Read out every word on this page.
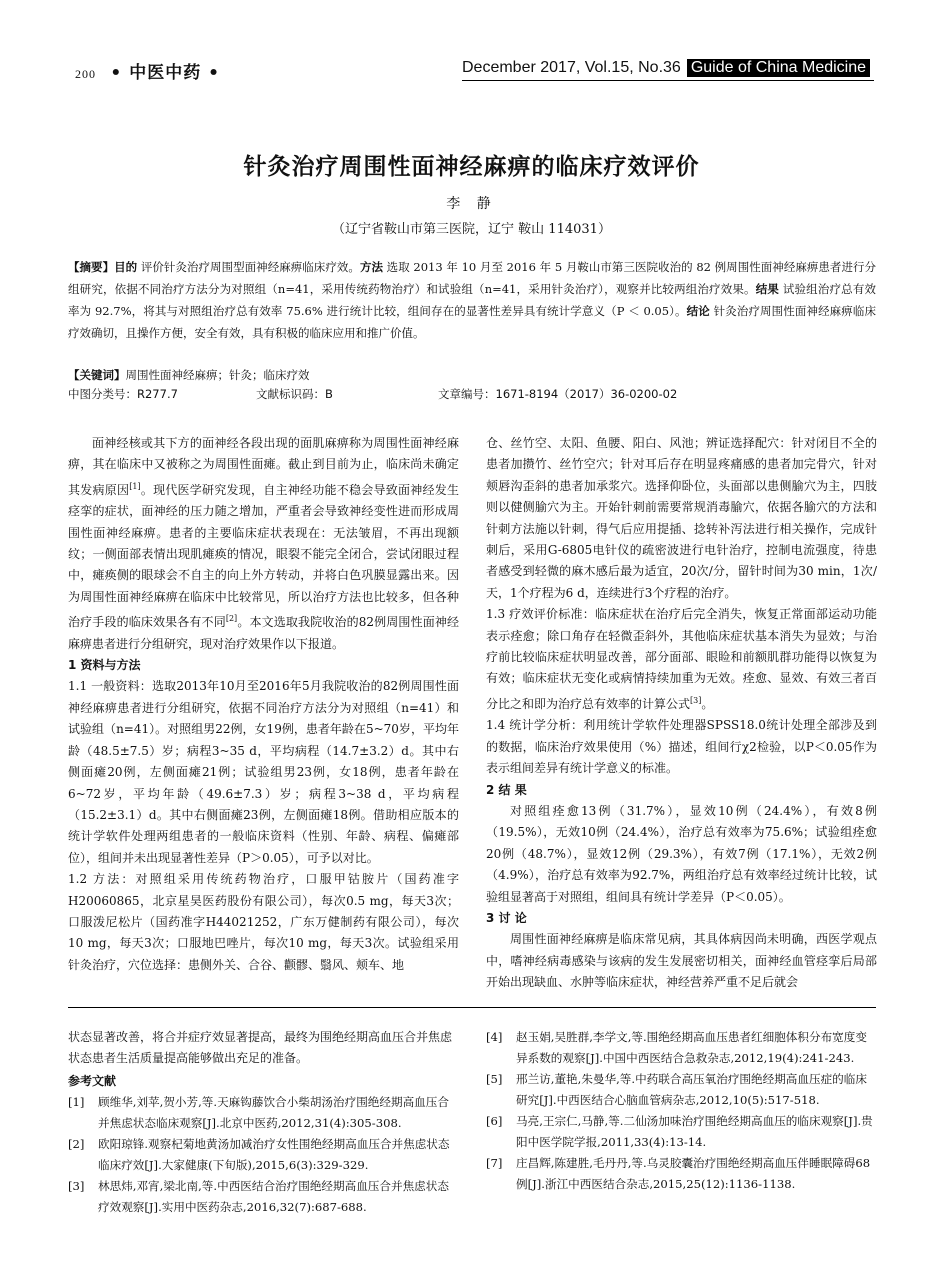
200 • 中医中药 •	December 2017, Vol.15, No.36 Guide of China Medicine
针灸治疗周围性面神经麻痹的临床疗效评价
李 静
（辽宁省鞍山市第三医院，辽宁 鞍山 114031）
【摘要】目的 评价针灸治疗周围型面神经麻痹临床疗效。方法 选取 2013 年 10 月至 2016 年 5 月鞍山市第三医院收治的 82 例周围性面神经麻痹患者进行分组研究，依据不同治疗方法分为对照组（n=41，采用传统药物治疗）和试验组（n=41，采用针灸治疗），观察并比较两组治疗效果。结果 试验组治疗总有效率为 92.7%，将其与对照组治疗总有效率 75.6% 进行统计比较，组间存在的显著性差异具有统计学意义（P ＜ 0.05）。结论 针灸治疗周围性面神经麻痹临床疗效确切，且操作方便，安全有效，具有积极的临床应用和推广价值。
【关键词】周围性面神经麻痹；针灸；临床疗效
中图分类号：R277.7	文献标识码：B	文章编号：1671-8194（2017）36-0200-02

面神经核或其下方的面神经各段出现的面肌麻痹称为周围性面神经麻痹，其在临床中又被称之为周围性面瘫。截止到目前为止，临床尚未确定其发病原因[1]。现代医学研究发现，自主神经功能不稳会导致面神经发生痉挛的症状，面神经的压力随之增加，严重者会导致神经变性进而形成周围性面神经麻痹。患者的主要临床症状表现在：无法皱眉，不再出现额纹；一侧面部表情出现肌瘫痪的情况，眼裂不能完全闭合，尝试闭眼过程中，瘫痪侧的眼球会不自主的向上外方转动，并将白色巩膜显露出来。因为周围性面神经麻痹在临床中比较常见，所以治疗方法也比较多，但各种治疗手段的临床效果各有不同[2]。本文选取我院收治的82例周围性面神经麻痹患者进行分组研究，现对治疗效果作以下报道。

1 资料与方法

1.1 一般资料：选取2013年10月至2016年5月我院收治的82例周围性面神经麻痹患者进行分组研究，依据不同治疗方法分为对照组（n=41）和试验组（n=41）。对照组男22例，女19例，患者年龄在5~70岁，平均年龄（48.5±7.5）岁；病程3~35 d，平均病程（14.7±3.2）d。其中右侧面瘫20例，左侧面瘫21例；试验组男23例，女18例，患者年龄在6~72岁，平均年龄（49.6±7.3）岁；病程3~38 d，平均病程（15.2±3.1）d。其中右侧面瘫23例，左侧面瘫18例。借助相应版本的统计学软件处理两组患者的一般临床资料（性别、年龄、病程、偏瘫部位），组间并未出现显著性差异（P＞0.05），可予以对比。

1.2 方法：对照组采用传统药物治疗，口服甲钴胺片（国药准字H20060865，北京星昊医药股份有限公司），每次0.5 mg，每天3次；口服泼尼松片（国药准字H44021252，广东万健制药有限公司），每次10 mg，每天3次；口服地巴唑片，每次10 mg，每天3次。试验组采用针灸治疗，穴位选择：患侧外关、合谷、颧髎、翳风、颊车、地

仓、丝竹空、太阳、鱼腰、阳白、风池；辨证选择配穴：针对闭目不全的患者加攒竹、丝竹空穴；针对耳后存在明显疼痛感的患者加完骨穴，针对颊唇沟歪斜的患者加承浆穴。选择仰卧位，头面部以患侧腧穴为主，四肢则以健侧腧穴为主。开始针刺前需要常规消毒腧穴，依据各腧穴的方法和针刺方法施以针刺，得气后应用提插、捻转补泻法进行相关操作，完成针刺后，采用G-6805电针仪的疏密波进行电针治疗，控制电流强度，待患者感受到轻微的麻木感后最为适宜，20次/分，留针时间为30 min，1次/天，1个疗程为6 d，连续进行3个疗程的治疗。

1.3 疗效评价标准：临床症状在治疗后完全消失，恢复正常面部运动功能表示痊愈；除口角存在轻微歪斜外，其他临床症状基本消失为显效；与治疗前比较临床症状明显改善，部分面部、眼睑和前额肌群功能得以恢复为有效；临床症状无变化或病情持续加重为无效。痊愈、显效、有效三者百分比之和即为治疗总有效率的计算公式[3]。

1.4 统计学分析：利用统计学软件处理器SPSS18.0统计处理全部涉及到的数据，临床治疗效果使用（%）描述，组间行χ2检验，以P＜0.05作为表示组间差异有统计学意义的标准。

2 结 果

对照组痊愈13例（31.7%），显效10例（24.4%），有效8例（19.5%），无效10例（24.4%），治疗总有效率为75.6%；试验组痊愈20例（48.7%），显效12例（29.3%），有效7例（17.1%），无效2例（4.9%），治疗总有效率为92.7%，两组治疗总有效率经过统计比较，试验组显著高于对照组，组间具有统计学差异（P＜0.05）。

3 讨 论

周围性面神经麻痹是临床常见病，其具体病因尚未明确，西医学观点中，嗜神经病毒感染与该病的发生发展密切相关，面神经血管痉挛后局部开始出现缺血、水肿等临床症状，神经营养严重不足后就会

状态显著改善，将合并症疗效显著提高，最终为围绝经期高血压合并焦虑状态患者生活质量提高能够做出充足的准备。

参考文献

[1]	顾维华,刘苹,贺小芳,等.天麻钩藤饮合小柴胡汤治疗围绝经期高血压合并焦虑状态临床观察[J].北京中医药,2012,31(4):305-308.
[2]	欧阳琼锋.观察杞菊地黄汤加减治疗女性围绝经期高血压合并焦虑状态临床疗效[J].大家健康(下旬版),2015,6(3):329-329.
[3]	林思炜,邓宵,梁北南,等.中西医结合治疗围绝经期高血压合并焦虑状态疗效观察[J].实用中医药杂志,2016,32(7):687-688.
[4]	赵玉娟,吴胜群,李学文,等.围绝经期高血压患者红细胞体积分布宽度变异系数的观察[J].中国中西医结合急救杂志,2012,19(4):241-243.
[5]	邢兰访,董艳,朱曼华,等.中药联合高压氧治疗围绝经期高血压症的临床研究[J].中西医结合心脑血管病杂志,2012,10(5):517-518.
[6]	马亮,王宗仁,马静,等.二仙汤加味治疗围绝经期高血压的临床观察[J].贵阳中医学院学报,2011,33(4):13-14.
[7]	庄昌辉,陈建胜,毛丹丹,等.乌灵胶囊治疗围绝经期高血压伴睡眠障碍68例[J].浙江中西医结合杂志,2015,25(12):1136-1138.
